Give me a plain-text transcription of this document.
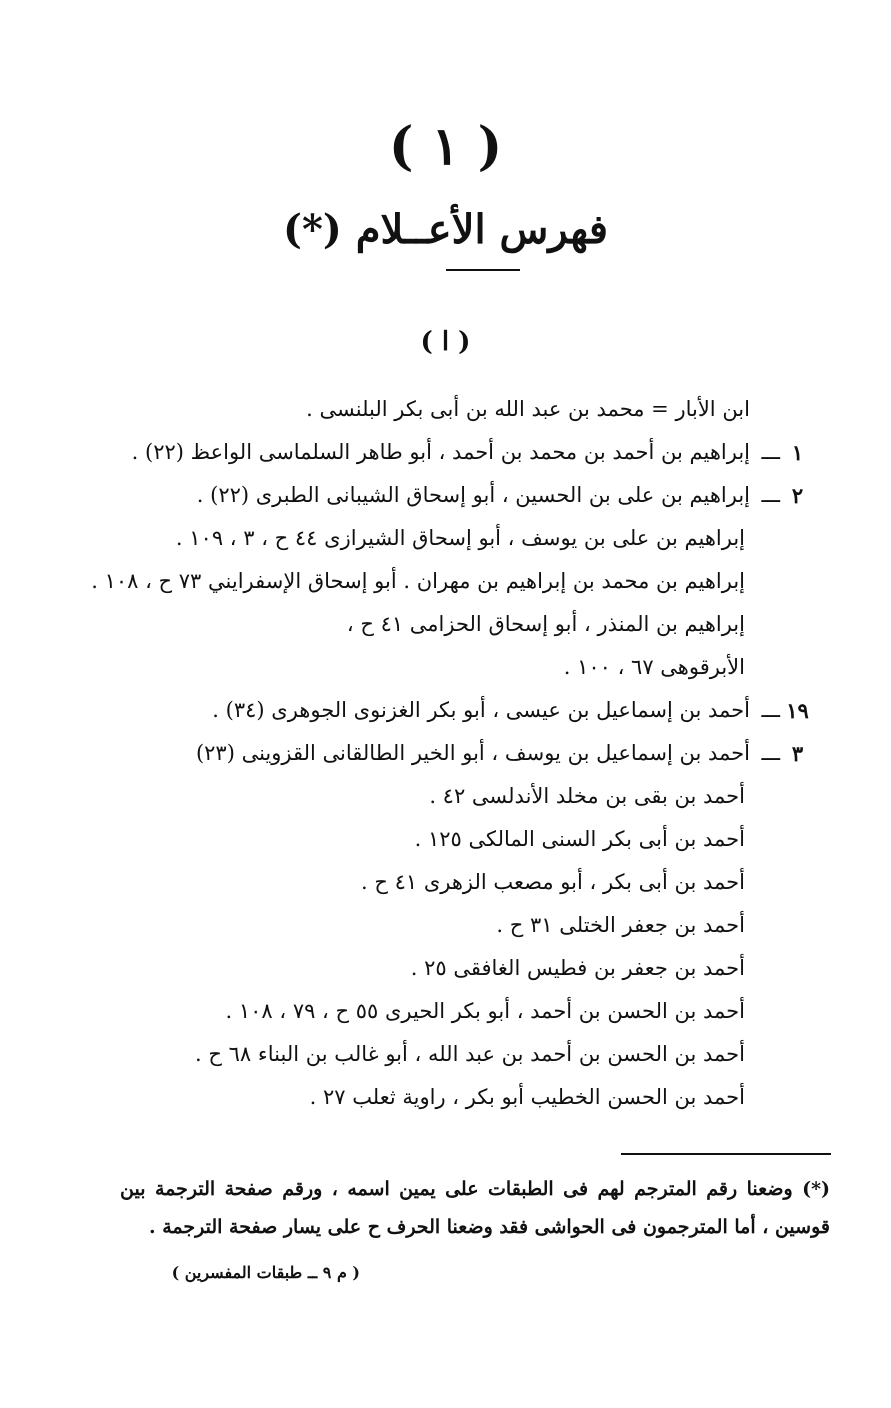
( ١ )
فهرس الأعــلام (*)
( ا )
ابن الأبار = محمد بن عبد الله بن أبى بكر البلنسى .
١
ـــ
إبراهيم بن أحمد بن محمد بن أحمد ، أبو طاهر السلماسى الواعظ (٢٢) .
٢
ـــ
إبراهيم بن على بن الحسين ، أبو إسحاق الشيبانى الطبرى (٢٢) .
إبراهيم بن على بن يوسف ، أبو إسحاق الشيرازى ٤٤ ح ، ٣ ، ١٠٩ .
إبراهيم بن محمد بن إبراهيم بن مهران . أبو إسحاق الإسفرايني ٧٣ ح ، ١٠٨ .
إبراهيم بن المنذر ، أبو إسحاق الحزامى ٤١ ح ،
الأبرقوهى ٦٧ ، ١٠٠ .
١٩
ـــ
أحمد بن إسماعيل بن عيسى ، أبو بكر الغزنوى الجوهرى (٣٤) .
٣
ـــ
أحمد بن إسماعيل بن يوسف ، أبو الخير الطالقانى القزوينى (٢٣)
أحمد بن بقى بن مخلد الأندلسى ٤٢ .
أحمد بن أبى بكر السنى المالكى ١٢٥ .
أحمد بن أبى بكر ، أبو مصعب الزهرى ٤١ ح .
أحمد بن جعفر الختلى ٣١ ح .
أحمد بن جعفر بن فطيس الغافقى ٢٥ .
أحمد بن الحسن بن أحمد ، أبو بكر الحيرى ٥٥ ح ، ٧٩ ، ١٠٨ .
أحمد بن الحسن بن أحمد بن عبد الله ، أبو غالب بن البناء ٦٨ ح .
أحمد بن الحسن الخطيب أبو بكر ، راوية ثعلب ٢٧ .
(*) وضعنا رقم المترجم لهم فى الطبقات على يمين اسمه ، ورقم صفحة الترجمة بين قوسين ، أما المترجمون فى الحواشى فقد وضعنا الحرف ح على يسار صفحة الترجمة .
( م ٩ ــ طبقات المفسرين )
